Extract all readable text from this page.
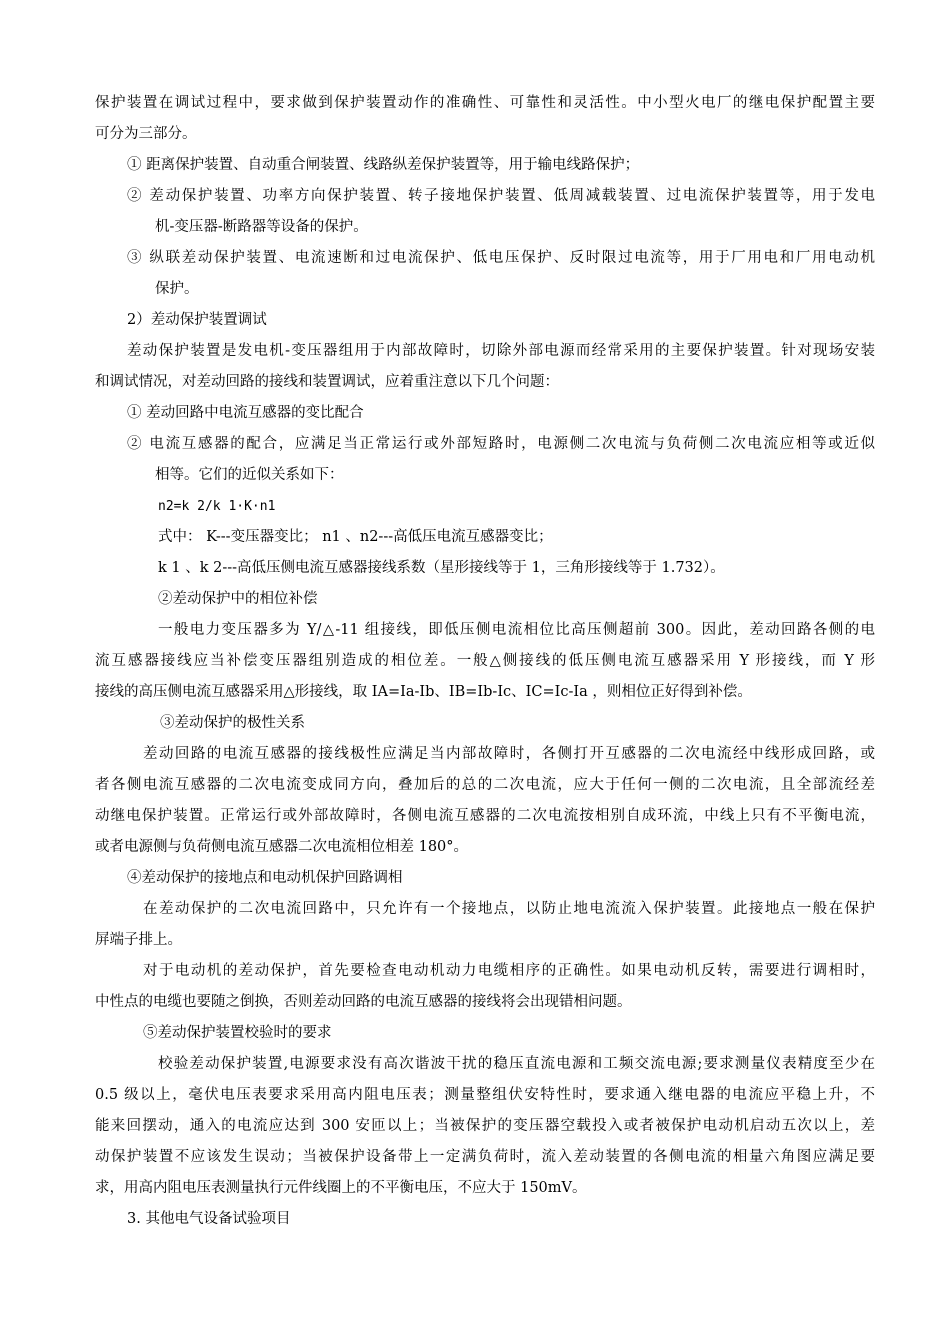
保护装置在调试过程中，要求做到保护装置动作的准确性、可靠性和灵活性。中小型火电厂的继电保护配置主要
可分为三部分。
① 距离保护装置、自动重合闸装置、线路纵差保护装置等，用于输电线路保护；
② 差动保护装置、功率方向保护装置、转子接地保护装置、低周减载装置、过电流保护装置等，用于发电
机-变压器-断路器等设备的保护。
③ 纵联差动保护装置、电流速断和过电流保护、低电压保护、反时限过电流等，用于厂用电和厂用电动机
保护。
2）差动保护装置调试
差动保护装置是发电机-变压器组用于内部故障时，切除外部电源而经常采用的主要保护装置。针对现场安装
和调试情况，对差动回路的接线和装置调试，应着重注意以下几个问题：
① 差动回路中电流互感器的变比配合
② 电流互感器的配合，应满足当正常运行或外部短路时，电源侧二次电流与负荷侧二次电流应相等或近似
相等。它们的近似关系如下：
n2=k 2/k 1·K·n1
式中： K---变压器变比； n1 、n2---高低压电流互感器变比；
k 1 、k 2---高低压侧电流互感器接线系数（星形接线等于 1，三角形接线等于 1.732）。
②差动保护中的相位补偿
一般电力变压器多为 Y/△-11 组接线，即低压侧电流相位比高压侧超前 300。因此，差动回路各侧的电
流互感器接线应当补偿变压器组别造成的相位差。一般△侧接线的低压侧电流互感器采用 Y 形接线，而 Y 形
接线的高压侧电流互感器采用△形接线，取 IA=Ia-Ib、IB=Ib-Ic、IC=Ic-Ia ，则相位正好得到补偿。
③差动保护的极性关系
差动回路的电流互感器的接线极性应满足当内部故障时，各侧打开互感器的二次电流经中线形成回路，或
者各侧电流互感器的二次电流变成同方向，叠加后的总的二次电流，应大于任何一侧的二次电流，且全部流经差
动继电保护装置。正常运行或外部故障时，各侧电流互感器的二次电流按相别自成环流，中线上只有不平衡电流，
或者电源侧与负荷侧电流互感器二次电流相位相差 180°。
④差动保护的接地点和电动机保护回路调相
在差动保护的二次电流回路中，只允许有一个接地点，以防止地电流流入保护装置。此接地点一般在保护
屏端子排上。
对于电动机的差动保护，首先要检查电动机动力电缆相序的正确性。如果电动机反转，需要进行调相时，
中性点的电缆也要随之倒换，否则差动回路的电流互感器的接线将会出现错相问题。
⑤差动保护装置校验时的要求
校验差动保护装置,电源要求没有高次谐波干扰的稳压直流电源和工频交流电源;要求测量仪表精度至少在
0.5 级以上，毫伏电压表要求采用高内阻电压表；测量整组伏安特性时，要求通入继电器的电流应平稳上升，不
能来回摆动，通入的电流应达到 300 安匝以上；当被保护的变压器空载投入或者被保护电动机启动五次以上，差
动保护装置不应该发生误动；当被保护设备带上一定满负荷时，流入差动装置的各侧电流的相量六角图应满足要
求，用高内阻电压表测量执行元件线圈上的不平衡电压，不应大于 150mV。
3. 其他电气设备试验项目
